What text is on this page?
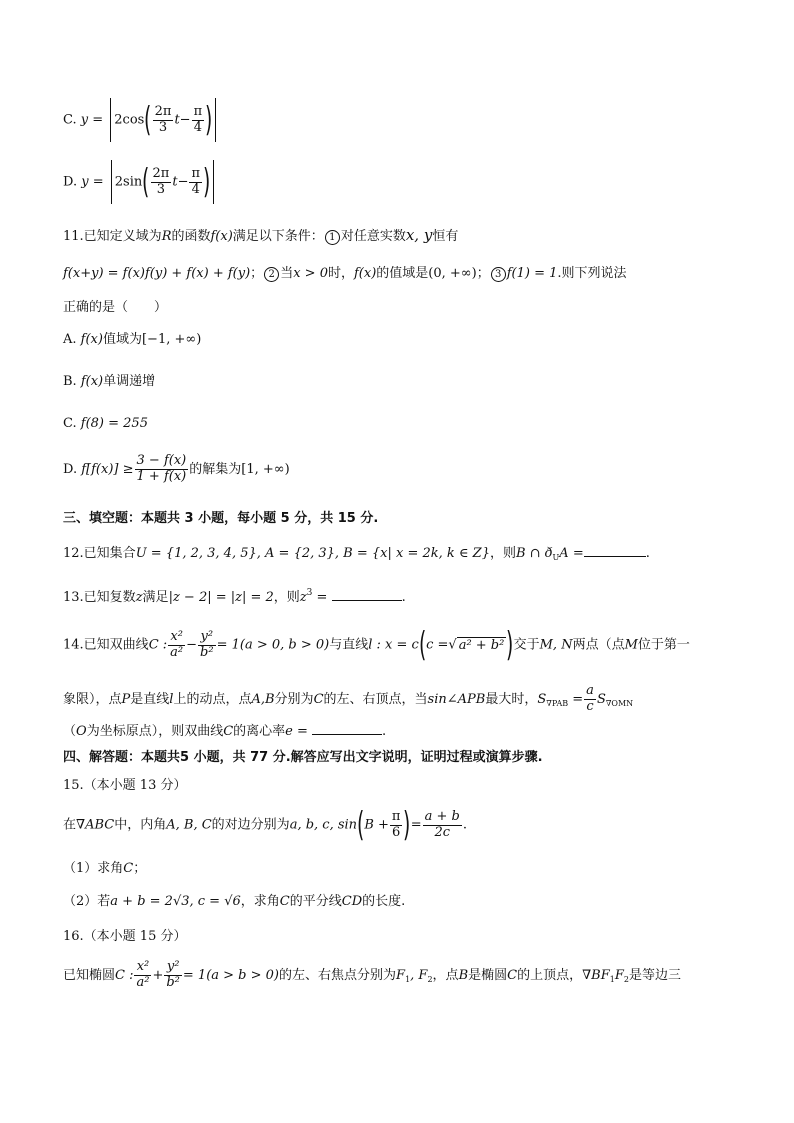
C. $y = 2\cos( \frac{2\pi}{3} t- \frac{\pi}{4}$ )
D. $y = 2\sin( \frac{2\pi}{3} t- \frac{\pi}{4}$ )
11.已知定义域为R的函数f(x)满足以下条件： 1 对任意实数x, y恒有
f(x+y) = f(x)f(y) + f(x) + f(y)； 2 当x > 0时，f(x)的值域是(0, +∞)； 3 f(1) = 1.则下列说法
正确的是（　　）
A. f(x)值域为[−1, +∞)
B. f(x)单调递增
C. f(8) = 255
D. $f[f(x)] \ge \frac{3 - f(x)}{1 + f(x)}$ 的解集为[1, +∞)
三、填空题：本题共 3 小题，每小题 5 分，共 15 分.
12.已知集合U = {1, 2, 3, 4, 5}, A = {2, 3}, B = {x| x = 2k, k ∈ Z}，则B ∩ $ð_UA$ =	.
13.已知复数z满足|z − 2| = |z| = 2，则$z^3$ =	.
14.已知双曲线C : $\frac{\text{x²}}{\text{a²}} - \frac{\text{y²}}{\text{b²}} = 1(a > 0$, b > 0)与直线l : x = c(c =√ a² + b²)交于M, N两点（点M位于第一
象限），点P是直线l上的动点，点A,B分别为C的左、右顶点，当sin∠APB最大时，$S_{\nabla PAB} = \frac{a}{c} S_{\nabla OMN}$
（O为坐标原点），则双曲线C的离心率e =	.
四、解答题：本题共5 小题，共 77 分.解答应写出文字说明，证明过程或演算步骤.
15.（本小题 13 分）
在∇ABC中，内角A, B, C的对边分别为a, b, c, $\sin(B + \frac{\pi}{6}$ )= $\frac{a + b}{2c}$ .
（1）求角C；
（2）若a + b = 2√3, c = √6，求角C的平分线CD的长度.
16.（本小题 15 分）
已知椭圆C : $\frac{\text{x²}}{\text{a²}} + \frac{\text{y²}}{\text{b²}} = 1(a > b > 0)$的左、右焦点分别为$F_1$, $F_2$，点B是椭圆C的上顶点，$\nabla BF_1F_2$是等边三
